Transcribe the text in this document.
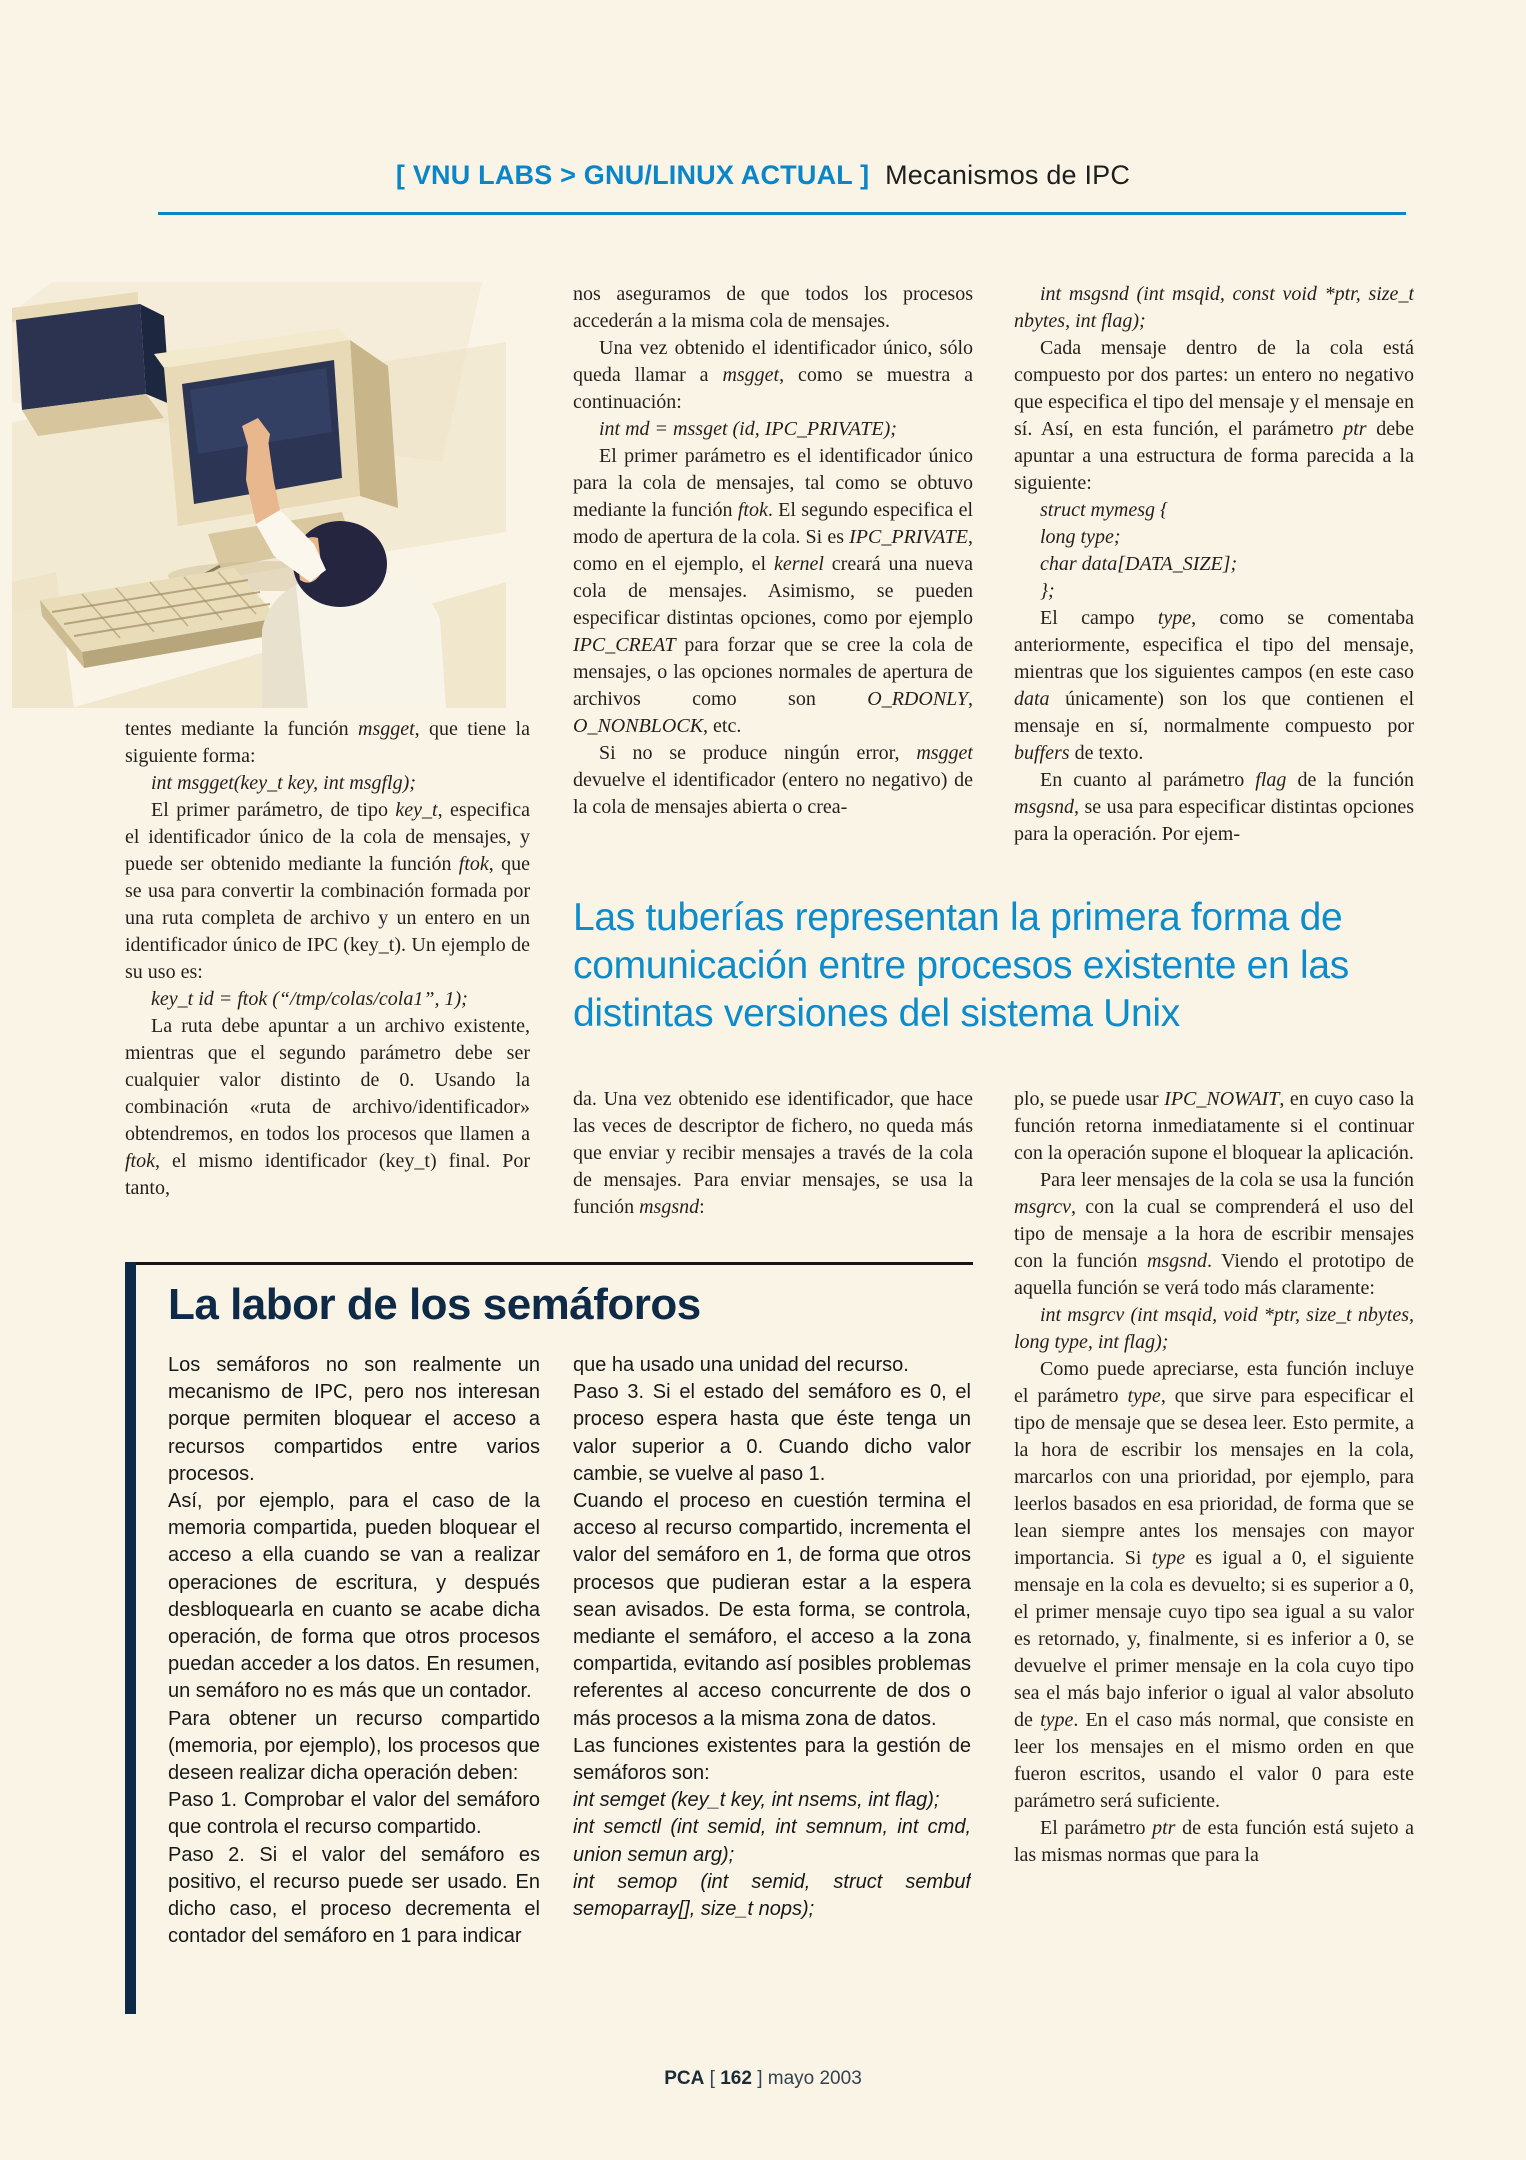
[ VNU LABS > GNU/LINUX ACTUAL ] Mecanismos de IPC

tentes mediante la función msgget, que tiene la siguiente forma:

int msgget(key_t key, int msgflg);

El primer parámetro, de tipo key_t, especifica el identificador único de la cola de mensajes, y puede ser obtenido mediante la función ftok, que se usa para convertir la combinación formada por una ruta completa de archivo y un entero en un identificador único de IPC (key_t). Un ejemplo de su uso es:

key_t id = ftok (“/tmp/colas/cola1”, 1);

La ruta debe apuntar a un archivo existente, mientras que el segundo parámetro debe ser cualquier valor distinto de 0. Usando la combinación «ruta de archivo/identificador» obtendremos, en todos los procesos que llamen a ftok, el mismo identificador (key_t) final. Por tanto,

nos aseguramos de que todos los procesos accederán a la misma cola de mensajes.

Una vez obtenido el identificador único, sólo queda llamar a msgget, como se muestra a continuación:

int md = mssget (id, IPC_PRIVATE);

El primer parámetro es el identificador único para la cola de mensajes, tal como se obtuvo mediante la función ftok. El segundo especifica el modo de apertura de la cola. Si es IPC_PRIVATE, como en el ejemplo, el kernel creará una nueva cola de mensajes. Asimismo, se pueden especificar distintas opciones, como por ejemplo IPC_CREAT para forzar que se cree la cola de mensajes, o las opciones normales de apertura de archivos como son O_RDONLY, O_NONBLOCK, etc.

Si no se produce ningún error, msgget devuelve el identificador (entero no negativo) de la cola de mensajes abierta o crea-

int msgsnd (int msqid, const void *ptr, size_t nbytes, int flag);

Cada mensaje dentro de la cola está compuesto por dos partes: un entero no negativo que especifica el tipo del mensaje y el mensaje en sí. Así, en esta función, el parámetro ptr debe apuntar a una estructura de forma parecida a la siguiente:

struct mymesg {

long type;

char data[DATA_SIZE];

};

El campo type, como se comentaba anteriormente, especifica el tipo del mensaje, mientras que los siguientes campos (en este caso data únicamente) son los que contienen el mensaje en sí, normalmente compuesto por buffers de texto.

En cuanto al parámetro flag de la función msgsnd, se usa para especificar distintas opciones para la operación. Por ejem-

Las tuberías representan la primera forma de comunicación entre procesos existente en las distintas versiones del sistema Unix

da. Una vez obtenido ese identificador, que hace las veces de descriptor de fichero, no queda más que enviar y recibir mensajes a través de la cola de mensajes. Para enviar mensajes, se usa la función msgsnd:

plo, se puede usar IPC_NOWAIT, en cuyo caso la función retorna inmediatamente si el continuar con la operación supone el bloquear la aplicación.

Para leer mensajes de la cola se usa la función msgrcv, con la cual se comprenderá el uso del tipo de mensaje a la hora de escribir mensajes con la función msgsnd. Viendo el prototipo de aquella función se verá todo más claramente:

int msgrcv (int msqid, void *ptr, size_t nbytes, long type, int flag);

Como puede apreciarse, esta función incluye el parámetro type, que sirve para especificar el tipo de mensaje que se desea leer. Esto permite, a la hora de escribir los mensajes en la cola, marcarlos con una prioridad, por ejemplo, para leerlos basados en esa prioridad, de forma que se lean siempre antes los mensajes con mayor importancia. Si type es igual a 0, el siguiente mensaje en la cola es devuelto; si es superior a 0, el primer mensaje cuyo tipo sea igual a su valor es retornado, y, finalmente, si es inferior a 0, se devuelve el primer mensaje en la cola cuyo tipo sea el más bajo inferior o igual al valor absoluto de type. En el caso más normal, que consiste en leer los mensajes en el mismo orden en que fueron escritos, usando el valor 0 para este parámetro será suficiente.

El parámetro ptr de esta función está sujeto a las mismas normas que para la

La labor de los semáforos

Los semáforos no son realmente un mecanismo de IPC, pero nos interesan porque permiten bloquear el acceso a recursos compartidos entre varios procesos.

Así, por ejemplo, para el caso de la memoria compartida, pueden bloquear el acceso a ella cuando se van a realizar operaciones de escritura, y después desbloquearla en cuanto se acabe dicha operación, de forma que otros procesos puedan acceder a los datos. En resumen, un semáforo no es más que un contador.

Para obtener un recurso compartido (memoria, por ejemplo), los procesos que deseen realizar dicha operación deben:

Paso 1. Comprobar el valor del semáforo que controla el recurso compartido.

Paso 2. Si el valor del semáforo es positivo, el recurso puede ser usado. En dicho caso, el proceso decrementa el contador del semáforo en 1 para indicar

que ha usado una unidad del recurso.

Paso 3. Si el estado del semáforo es 0, el proceso espera hasta que éste tenga un valor superior a 0. Cuando dicho valor cambie, se vuelve al paso 1.

Cuando el proceso en cuestión termina el acceso al recurso compartido, incrementa el valor del semáforo en 1, de forma que otros procesos que pudieran estar a la espera sean avisados. De esta forma, se controla, mediante el semáforo, el acceso a la zona compartida, evitando así posibles problemas referentes al acceso concurrente de dos o más procesos a la misma zona de datos.

Las funciones existentes para la gestión de semáforos son:

int semget (key_t key, int nsems, int flag);

int semctl (int semid, int semnum, int cmd, union semun arg);

int semop (int semid, struct sembuf semoparray[], size_t nops);

PCA [ 162 ] mayo 2003
